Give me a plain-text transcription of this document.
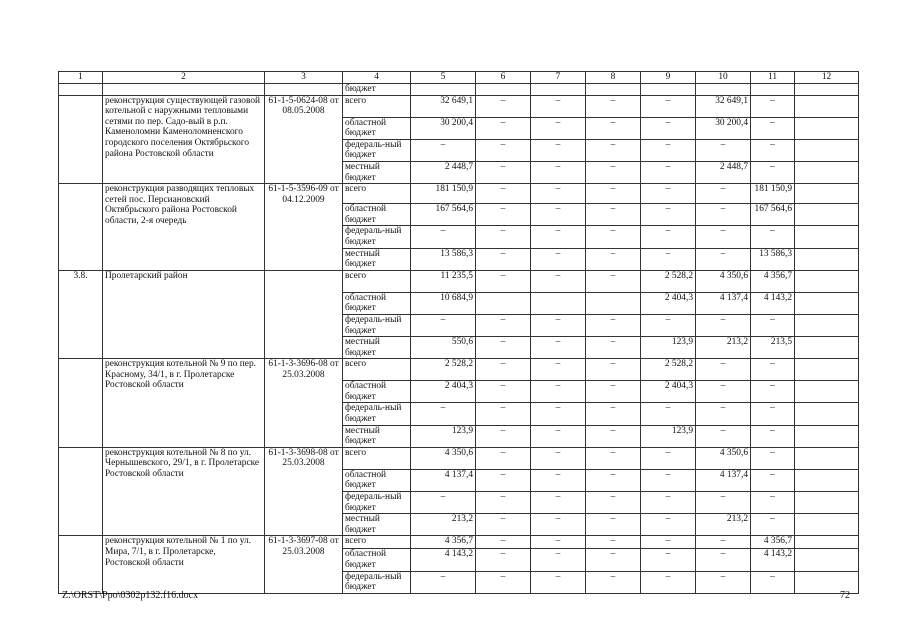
1	2	3	4	5	6	7	8	9	10	11	12
			бюджет								
	реконструкция существующей газовой котельной с наружными тепловыми сетями по пер. Садо-вый в р.п. Каменоломни Каменоломненского городского поселения Октябрьского района Ростовской области	61-1-5-0624-08 от 08.05.2008	всего	32 649,1	–	–	–	–	32 649,1	–	
			областной бюджет	30 200,4	–	–	–	–	30 200,4	–	
			федераль-ный бюджет	–	–	–	–	–	–	–	
			местный бюджет	2 448,7	–	–	–	–	2 448,7	–	
	реконструкция разводящих тепловых сетей пос. Персиановский Октябрьского района Ростовской области, 2-я очередь	61-1-5-3596-09 от 04.12.2009	всего	181 150,9	–	–	–	–	–	181 150,9	
			областной бюджет	167 564,6	–	–	–	–	–	167 564,6	
			федераль-ный бюджет	–	–	–	–	–	–	–	
			местный бюджет	13 586,3	–	–	–	–	–	13 586,3	
3.8.	Пролетарский район		всего	11 235,5	–	–	–	2 528,2	4 350,6	4 356,7	
			областной бюджет	10 684,9				2 404,3	4 137,4	4 143,2	
			федераль-ный бюджет	–	–	–	–	–	–	–	
			местный бюджет	550,6	–	–	–	123,9	213,2	213,5	
	реконструкция котельной № 9 по пер. Красному, 34/1, в г. Пролетарске Ростовской области	61-1-3-3696-08 от 25.03.2008	всего	2 528,2	–	–	–	2 528,2	–	–	
			областной бюджет	2 404,3	–	–	–	2 404,3	–	–	
			федераль-ный бюджет	–	–	–	–	–	–	–	
			местный бюджет	123,9	–	–	–	123,9	–	–	
	реконструкция котельной № 8 по ул. Чернышевского, 29/1, в г. Пролетарске Ростовской области	61-1-3-3698-08 от 25.03.2008	всего	4 350,6	–	–	–	–	4 350,6	–	
			областной бюджет	4 137,4	–	–	–	–	4 137,4	–	
			федераль-ный бюджет	–	–	–	–	–	–	–	
			местный бюджет	213,2	–	–	–	–	213,2	–	
	реконструкция котельной № 1 по ул. Мира, 7/1, в г. Пролетарске, Ростовской области	61-1-3-3697-08 от 25.03.2008	всего	4 356,7	–	–	–	–	–	4 356,7	
			областной бюджет	4 143,2	–	–	–	–	–	4 143,2	
			федераль-ный бюджет	–	–	–	–	–	–	–	
Z:\ORST\Ppo\0302p132.f16.docx	72
